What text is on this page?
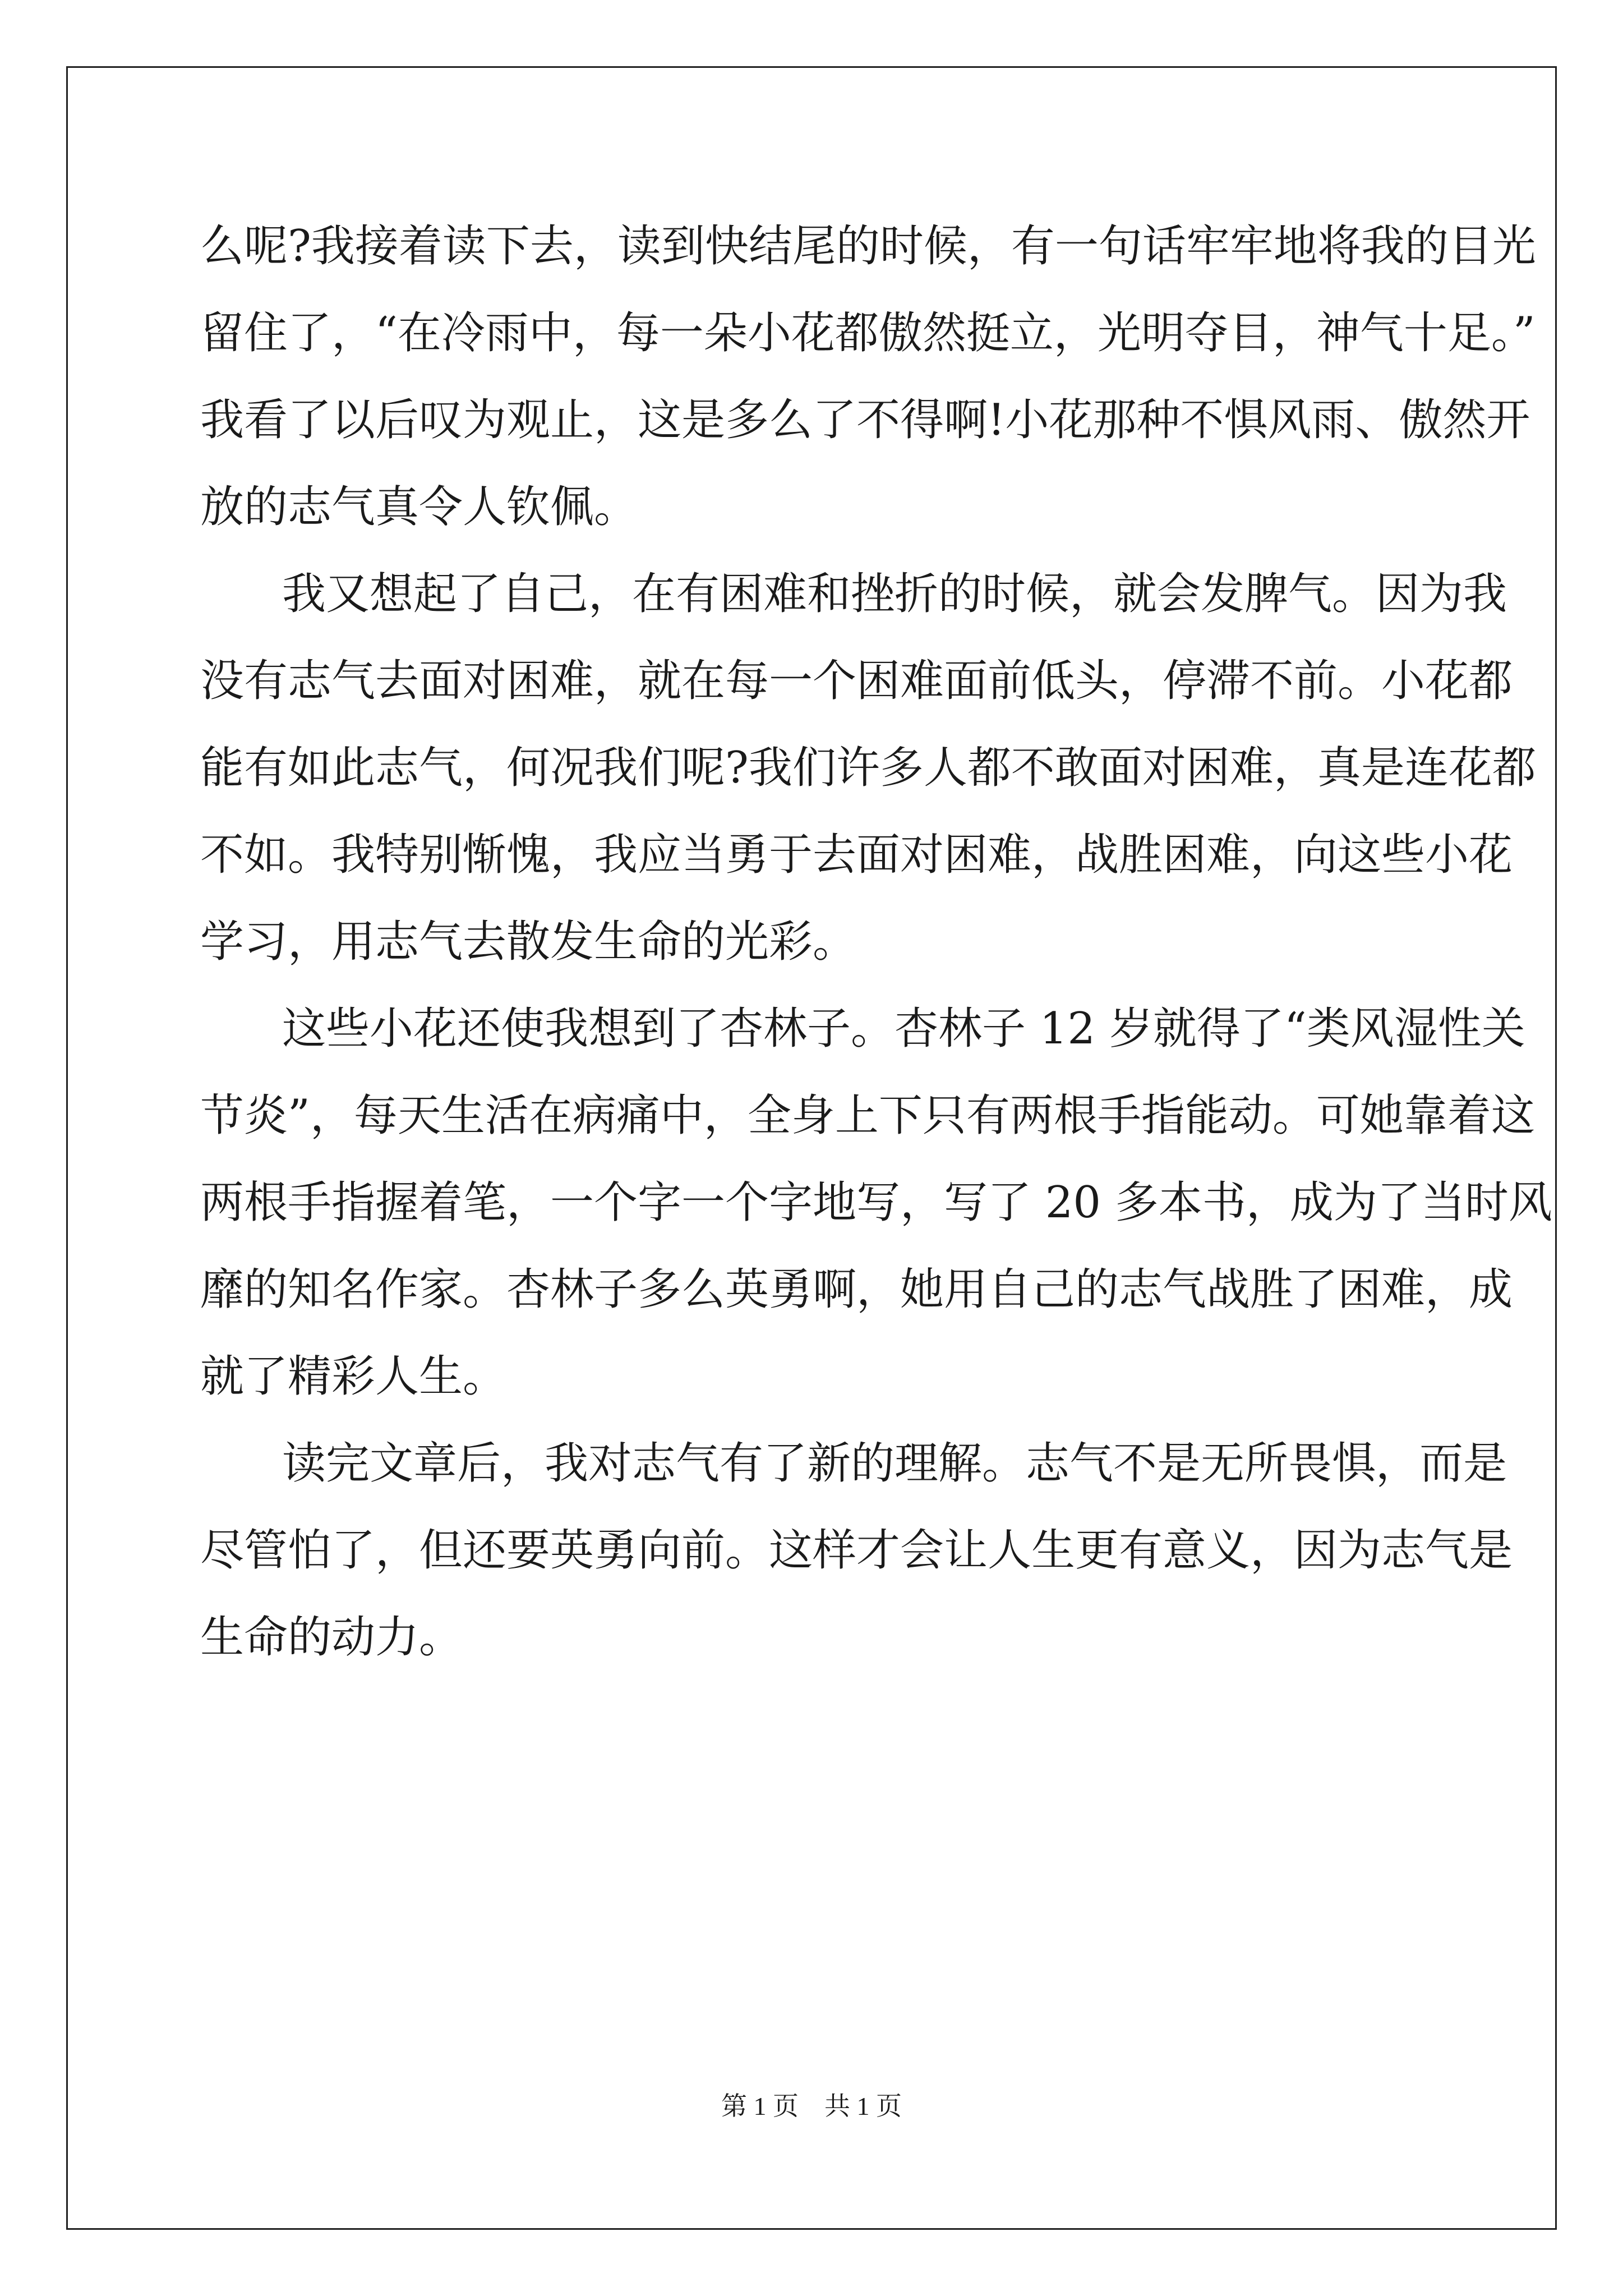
么呢?我接着读下去，读到快结尾的时候，有一句话牢牢地将我的目光
留住了，“在冷雨中，每一朵小花都傲然挺立，光明夺目，神气十足。”
我看了以后叹为观止，这是多么了不得啊!小花那种不惧风雨、傲然开
放的志气真令人钦佩。
我又想起了自己，在有困难和挫折的时候，就会发脾气。因为我
没有志气去面对困难，就在每一个困难面前低头，停滞不前。小花都
能有如此志气，何况我们呢?我们许多人都不敢面对困难，真是连花都
不如。我特别惭愧，我应当勇于去面对困难，战胜困难，向这些小花
学习，用志气去散发生命的光彩。
这些小花还使我想到了杏林子。杏林子 12 岁就得了“类风湿性关
节炎”，每天生活在病痛中，全身上下只有两根手指能动。可她靠着这
两根手指握着笔，一个字一个字地写，写了 20 多本书，成为了当时风
靡的知名作家。杏林子多么英勇啊，她用自己的志气战胜了困难，成
就了精彩人生。
读完文章后，我对志气有了新的理解。志气不是无所畏惧，而是
尽管怕了，但还要英勇向前。这样才会让人生更有意义，因为志气是
生命的动力。
第 1 页　共 1 页
